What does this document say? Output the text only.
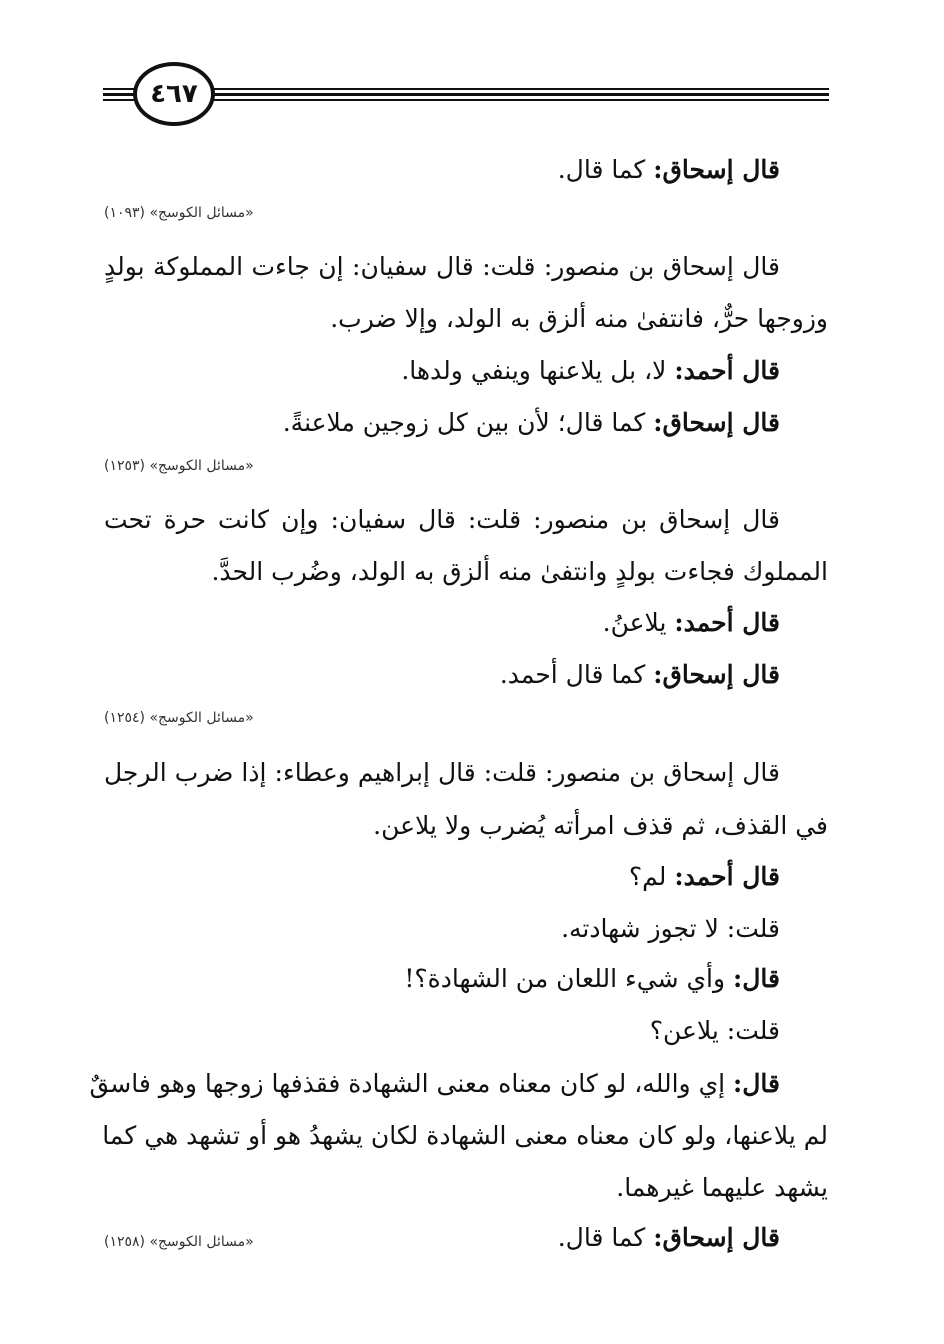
٤٦٧
قال إسحاق: كما قال.
«مسائل الكوسج» (١٠٩٣)
قال إسحاق بن منصور: قلت: قال سفيان: إن جاءت المملوكة بولدٍ
وزوجها حرٌّ، فانتفىٰ منه ألزق به الولد، وإلا ضرب.
قال أحمد: لا، بل يلاعنها وينفي ولدها.
قال إسحاق: كما قال؛ لأن بين كل زوجين ملاعنةً.
«مسائل الكوسج» (١٢٥٣)
قال إسحاق بن منصور: قلت: قال سفيان: وإن كانت حرة تحت
المملوك فجاءت بولدٍ وانتفىٰ منه ألزق به الولد، وضُرب الحدَّ.
قال أحمد: يلاعنُ.
قال إسحاق: كما قال أحمد.
«مسائل الكوسج» (١٢٥٤)
قال إسحاق بن منصور: قلت: قال إبراهيم وعطاء: إذا ضرب الرجل
في القذف، ثم قذف امرأته يُضرب ولا يلاعن.
قال أحمد: لم؟
قلت: لا تجوز شهادته.
قال: وأي شيء اللعان من الشهادة؟!
قلت: يلاعن؟
قال: إي والله، لو كان معناه معنى الشهادة فقذفها زوجها وهو فاسقٌ
لم يلاعنها، ولو كان معناه معنى الشهادة لكان يشهدُ هو أو تشهد هي كما
يشهد عليهما غيرهما.
قال إسحاق: كما قال.
«مسائل الكوسج» (١٢٥٨)
